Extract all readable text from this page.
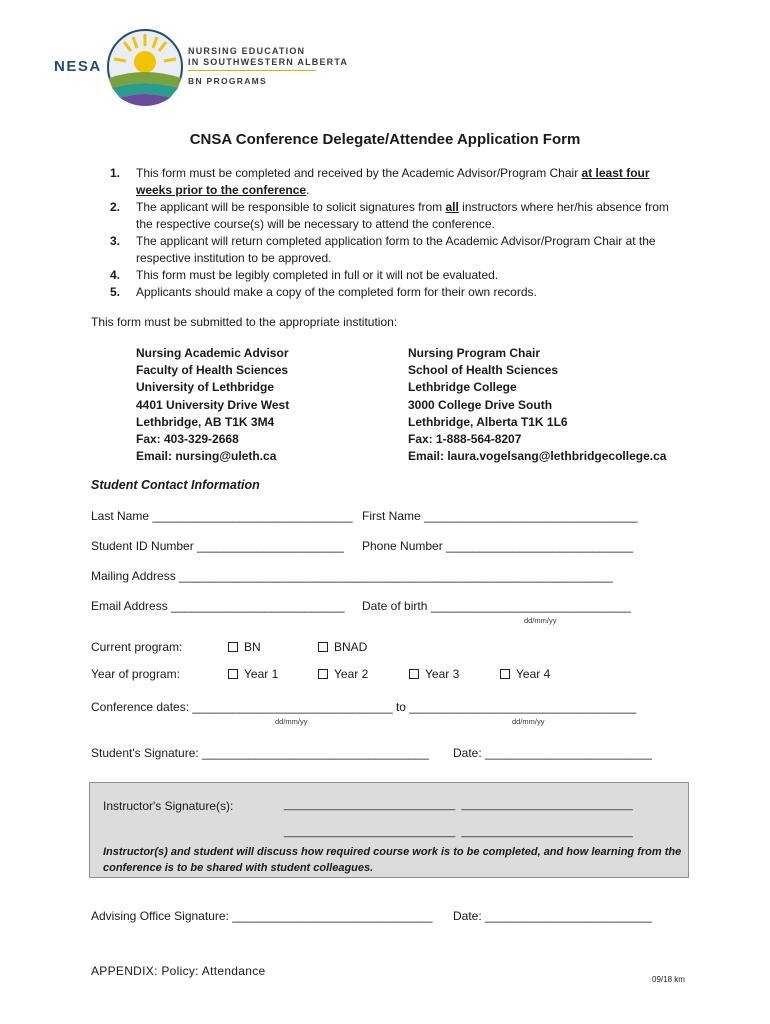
NESA
NURSING EDUCATION
IN SOUTHWESTERN ALBERTA
BN PROGRAMS
CNSA Conference Delegate/Attendee Application Form
1. This form must be completed and received by the Academic Advisor/Program Chair at least four weeks prior to the conference.
2. The applicant will be responsible to solicit signatures from all instructors where her/his absence from the respective course(s) will be necessary to attend the conference.
3. The applicant will return completed application form to the Academic Advisor/Program Chair at the respective institution to be approved.
4. This form must be legibly completed in full or it will not be evaluated.
5. Applicants should make a copy of the completed form for their own records.
This form must be submitted to the appropriate institution:
Nursing Academic Advisor
Faculty of Health Sciences
University of Lethbridge
4401 University Drive West
Lethbridge, AB T1K 3M4
Fax: 403-329-2668
Email: nursing@uleth.ca
Nursing Program Chair
School of Health Sciences
Lethbridge College
3000 College Drive South
Lethbridge, Alberta T1K 1L6
Fax: 1-888-564-8207
Email: laura.vogelsang@lethbridgecollege.ca
Student Contact Information
Last Name ______________________________ First Name ________________________________
Student ID Number ______________________ Phone Number ____________________________
Mailing Address _________________________________________________________________
Email Address __________________________ Date of birth ______________________________
dd/mm/yy
Current program:	BN	BNAD
Year of program:	Year 1	Year 2	Year 3	Year 4
Conference dates: ______________________________ to __________________________________
dd/mm/yy	dd/mm/yy
Student's Signature: __________________________________ Date: _________________________
Instructor's Signature(s):	____________________________  ____________________________
____________________________  ____________________________
Instructor(s) and student will discuss how required course work is to be completed, and how learning from the conference is to be shared with student colleagues.
Advising Office Signature: ______________________________ Date: _________________________
APPENDIX: Policy: Attendance
09/18 km
